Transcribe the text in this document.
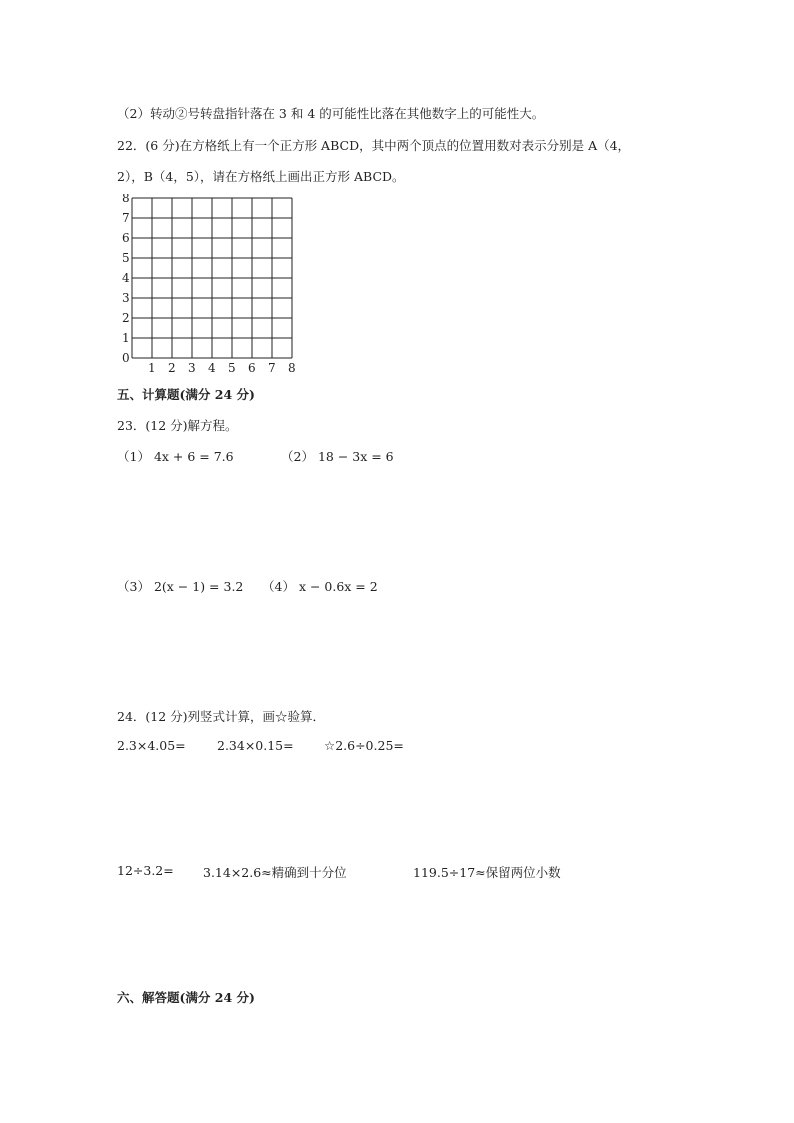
（2）转动②号转盘指针落在 3 和 4 的可能性比落在其他数字上的可能性大。
22．(6 分)在方格纸上有一个正方形 ABCD，其中两个顶点的位置用数对表示分别是 A（4，
2），B（4，5），请在方格纸上画出正方形 ABCD。
0
1
2
3
4
5
6
7
8
1 2 3 4 5 6 7 8
五、计算题(满分 24 分)
23．(12 分)解方程。
（1） 4x + 6 = 7.6	（2） 18 − 3x = 6
（3） 2(x − 1) = 3.2 （4） x − 0.6x = 2
24．(12 分)列竖式计算，画☆验算．
2.3×4.05=	2.34×0.15= ☆2.6÷0.25=
12÷3.2= 3.14×2.6≈精确到十分位	119.5÷17≈保留两位小数
六、解答题(满分 24 分)
